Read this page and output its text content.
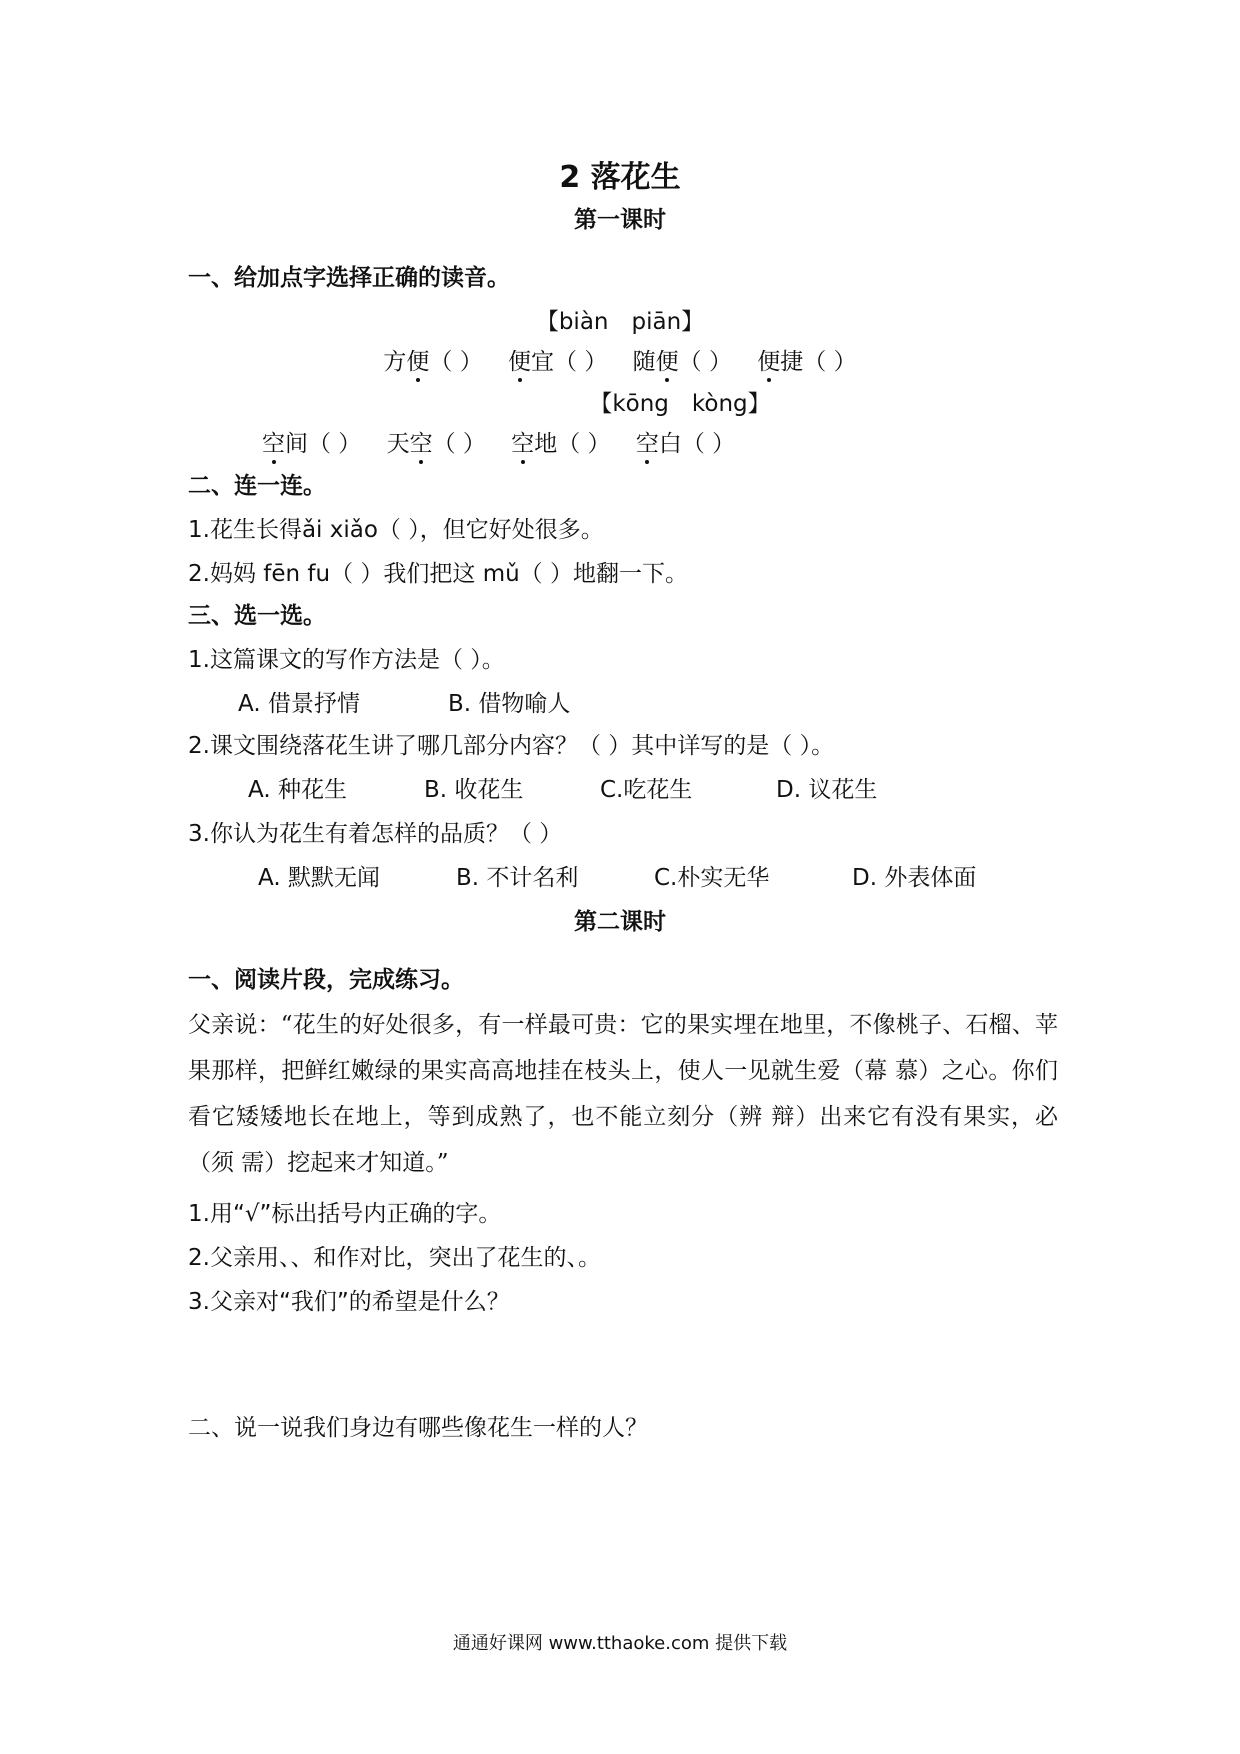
2 落花生
第一课时
一、给加点字选择正确的读音。
【biàn　piān】
方便（ ） 便宜（ ） 随便（ ） 便捷（ ）
【kōng　kòng】
空间（ ） 天空（ ） 空地（ ） 空白（ ）
二、连一连。
1.花生长得ǎi xiǎo（ ），但它好处很多。
2.妈妈 fēn fu（ ）我们把这 mǔ（ ）地翻一下。
三、选一选。
1.这篇课文的写作方法是（ ）。
A. 借景抒情	B. 借物喻人
2.课文围绕落花生讲了哪几部分内容？（ ）其中详写的是（ ）。
A. 种花生	B. 收花生	C.吃花生	D. 议花生
3.你认为花生有着怎样的品质？（ ）
A. 默默无闻	B. 不计名利	C.朴实无华	D. 外表体面
第二课时
一、阅读片段，完成练习。
父亲说：“花生的好处很多，有一样最可贵：它的果实埋在地里，不像桃子、石榴、苹果那样，把鲜红嫩绿的果实高高地挂在枝头上，使人一见就生爱（幕 慕）之心。你们看它矮矮地长在地上，等到成熟了，也不能立刻分（辨 辩）出来它有没有果实，必（须 需）挖起来才知道。”
1.用“√”标出括号内正确的字。
2.父亲用、、和作对比，突出了花生的、。
3.父亲对“我们”的希望是什么？
二、说一说我们身边有哪些像花生一样的人？
通通好课网 www.tthaoke.com 提供下载
